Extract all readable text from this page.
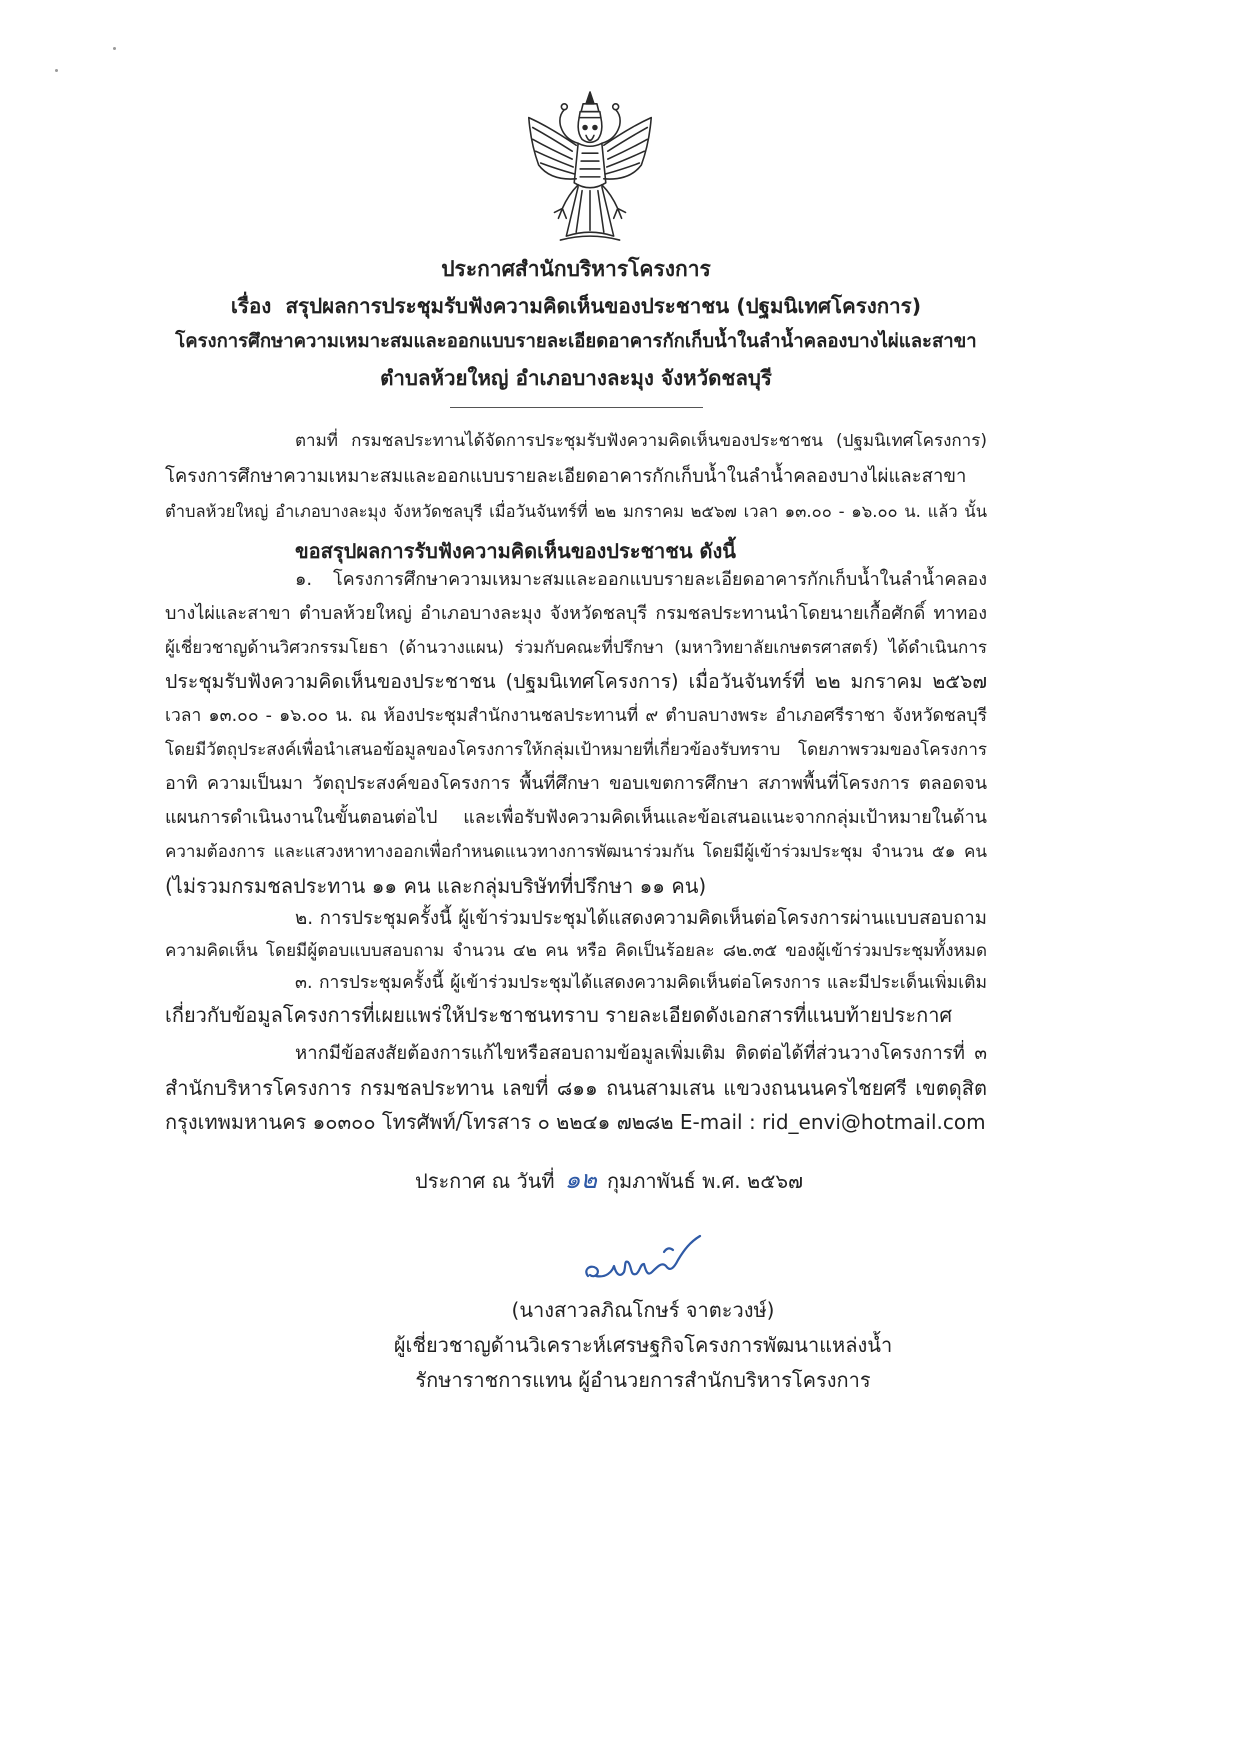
ประกาศสำนักบริหารโครงการ
เรื่อง สรุปผลการประชุมรับฟังความคิดเห็นของประชาชน (ปฐมนิเทศโครงการ)
โครงการศึกษาความเหมาะสมและออกแบบรายละเอียดอาคารกักเก็บน้ำในลำน้ำคลองบางไผ่และสาขา
ตำบลห้วยใหญ่ อำเภอบางละมุง จังหวัดชลบุรี
ตามที่ กรมชลประทานได้จัดการประชุมรับฟังความคิดเห็นของประชาชน (ปฐมนิเทศโครงการ)
โครงการศึกษาความเหมาะสมและออกแบบรายละเอียดอาคารกักเก็บน้ำในลำน้ำคลองบางไผ่และสาขา
ตำบลห้วยใหญ่ อำเภอบางละมุง จังหวัดชลบุรี เมื่อวันจันทร์ที่ ๒๒ มกราคม ๒๕๖๗ เวลา ๑๓.๐๐ - ๑๖.๐๐ น. แล้ว นั้น
ขอสรุปผลการรับฟังความคิดเห็นของประชาชน ดังนี้
๑. โครงการศึกษาความเหมาะสมและออกแบบรายละเอียดอาคารกักเก็บน้ำในลำน้ำคลอง
บางไผ่และสาขา ตำบลห้วยใหญ่ อำเภอบางละมุง จังหวัดชลบุรี กรมชลประทานนำโดยนายเกื้อศักดิ์ ทาทอง
ผู้เชี่ยวชาญด้านวิศวกรรมโยธา (ด้านวางแผน) ร่วมกับคณะที่ปรึกษา (มหาวิทยาลัยเกษตรศาสตร์) ได้ดำเนินการ
ประชุมรับฟังความคิดเห็นของประชาชน (ปฐมนิเทศโครงการ) เมื่อวันจันทร์ที่ ๒๒ มกราคม ๒๕๖๗
เวลา ๑๓.๐๐ - ๑๖.๐๐ น. ณ ห้องประชุมสำนักงานชลประทานที่ ๙ ตำบลบางพระ อำเภอศรีราชา จังหวัดชลบุรี
โดยมีวัตถุประสงค์เพื่อนำเสนอข้อมูลของโครงการให้กลุ่มเป้าหมายที่เกี่ยวข้องรับทราบ โดยภาพรวมของโครงการ
อาทิ ความเป็นมา วัตถุประสงค์ของโครงการ พื้นที่ศึกษา ขอบเขตการศึกษา สภาพพื้นที่โครงการ ตลอดจน
แผนการดำเนินงานในขั้นตอนต่อไป และเพื่อรับฟังความคิดเห็นและข้อเสนอแนะจากกลุ่มเป้าหมายในด้าน
ความต้องการ และแสวงหาทางออกเพื่อกำหนดแนวทางการพัฒนาร่วมกัน โดยมีผู้เข้าร่วมประชุม จำนวน ๕๑ คน
(ไม่รวมกรมชลประทาน ๑๑ คน และกลุ่มบริษัทที่ปรึกษา ๑๑ คน)
๒. การประชุมครั้งนี้ ผู้เข้าร่วมประชุมได้แสดงความคิดเห็นต่อโครงการผ่านแบบสอบถาม
ความคิดเห็น โดยมีผู้ตอบแบบสอบถาม จำนวน ๔๒ คน หรือ คิดเป็นร้อยละ ๘๒.๓๕ ของผู้เข้าร่วมประชุมทั้งหมด
๓. การประชุมครั้งนี้ ผู้เข้าร่วมประชุมได้แสดงความคิดเห็นต่อโครงการ และมีประเด็นเพิ่มเติม
เกี่ยวกับข้อมูลโครงการที่เผยแพร่ให้ประชาชนทราบ รายละเอียดดังเอกสารที่แนบท้ายประกาศ
หากมีข้อสงสัยต้องการแก้ไขหรือสอบถามข้อมูลเพิ่มเติม ติดต่อได้ที่ส่วนวางโครงการที่ ๓
สำนักบริหารโครงการ กรมชลประทาน เลขที่ ๘๑๑ ถนนสามเสน แขวงถนนนครไชยศรี เขตดุสิต
กรุงเทพมหานคร ๑๐๓๐๐ โทรศัพท์/โทรสาร ๐ ๒๒๔๑ ๗๒๘๒ E-mail : rid_envi@hotmail.com
ประกาศ ณ วันที่ ๑๒ กุมภาพันธ์ พ.ศ. ๒๕๖๗
(นางสาวลภิณโกษร์ จาตะวงษ์)
ผู้เชี่ยวชาญด้านวิเคราะห์เศรษฐกิจโครงการพัฒนาแหล่งน้ำ
รักษาราชการแทน ผู้อำนวยการสำนักบริหารโครงการ
